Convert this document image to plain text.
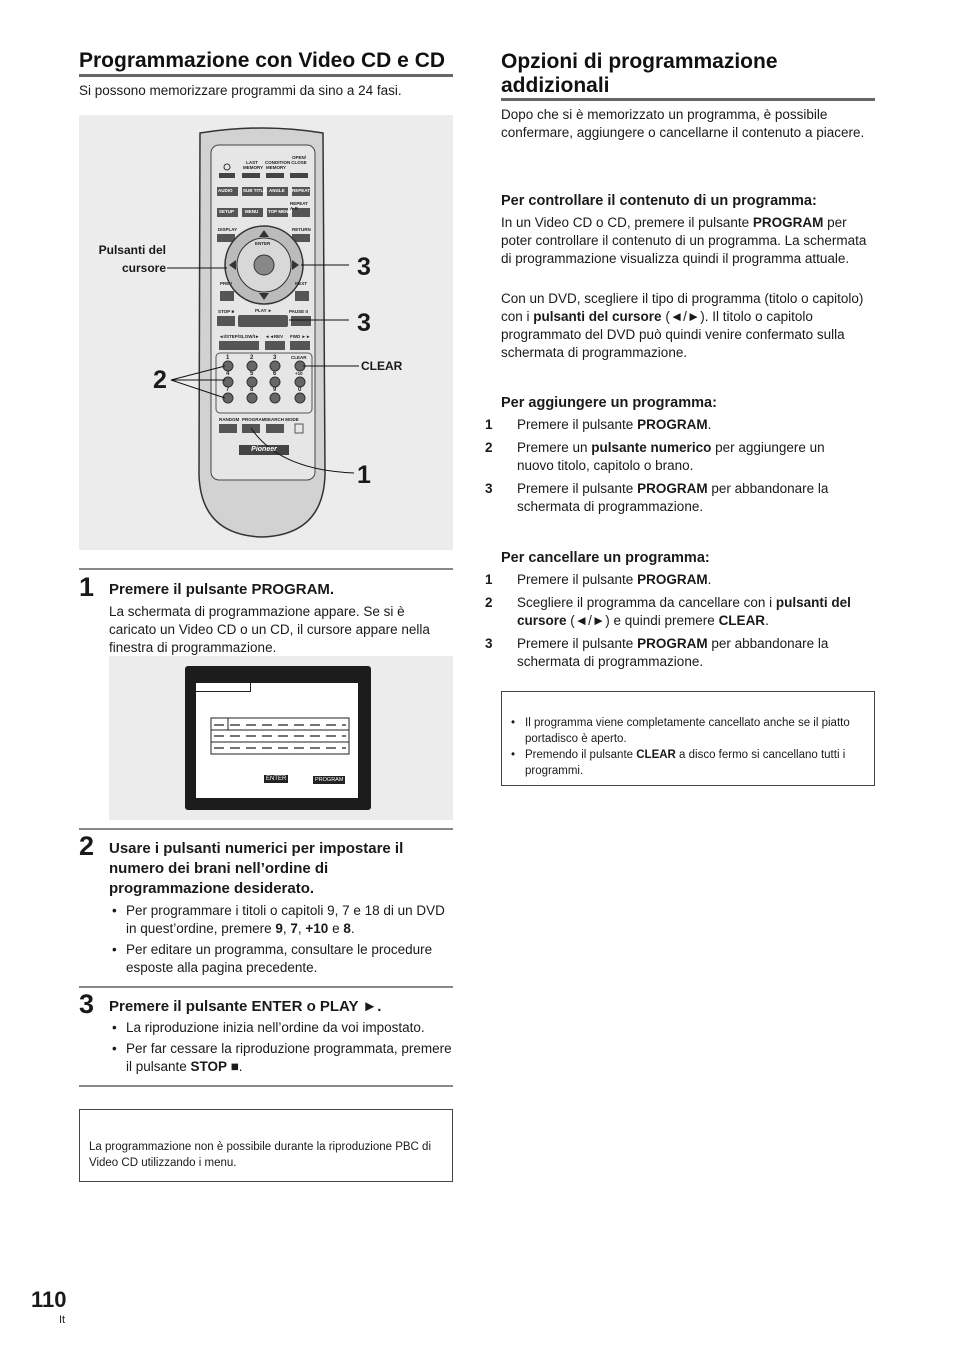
Programmazione con Video CD e CD

Si possono memorizzare programmi da sino a 24 fasi.

LAST MEMORY
CONDITION MEMORY
OPEN/ CLOSE
AUDIO SUB TITLE ANGLE REPEAT
REPEAT A-B
SETUP MENU TOP MENU
DISPLAY	RETURN
ENTER
PREV	NEXT
STOP ■	PLAY ►	PAUSE II
◄I/STEP/SLOW/I► ◄◄REV FWD ►►
1	2	3	CLEAR
4	5	6	+10
7	8	9	0
RANDOM PROGRAM SEARCH MODE
Pioneer
Pulsanti del cursore
CLEAR
3
3
2
1
1 Premere il pulsante PROGRAM.

La schermata di programmazione appare. Se si è caricato un Video CD o un CD, il cursore appare nella finestra di programmazione.

ENTER	PROGRAM
2 Usare i pulsanti numerici per impostare il numero dei brani nell’ordine di programmazione desiderato.

• Per programmare i titoli o capitoli 9, 7 e 18 di un DVD in quest’ordine, premere 9, 7, +10 e 8.
• Per editare un programma, consultare le procedure esposte alla pagina precedente.
3 Premere il pulsante ENTER o PLAY ►.

• La riproduzione inizia nell’ordine da voi impostato.
• Per far cessare la riproduzione programmata, premere il pulsante STOP ■.

La programmazione non è possibile durante la riproduzione PBC di Video CD utilizzando i menu.

Opzioni di programmazione
addizionali

Dopo che si è memorizzato un programma, è possibile confermare, aggiungere o cancellarne il contenuto a piacere.

Per controllare il contenuto di un programma:

In un Video CD o CD, premere il pulsante PROGRAM per poter controllare il contenuto di un programma. La schermata di programmazione visualizza quindi il programma attuale.

Con un DVD, scegliere il tipo di programma (titolo o capitolo) con i pulsanti del cursore (◄/►). Il titolo o capitolo programmato del DVD può quindi venire confermato sulla schermata di programmazione.

Per aggiungere un programma:

1 Premere il pulsante PROGRAM.
2 Premere un pulsante numerico per aggiungere un nuovo titolo, capitolo o brano.
3 Premere il pulsante PROGRAM per abbandonare la schermata di programmazione.

Per cancellare un programma:

1 Premere il pulsante PROGRAM.
2 Scegliere il programma da cancellare con i pulsanti del cursore (◄/►) e quindi premere CLEAR.
3 Premere il pulsante PROGRAM per abbandonare la schermata di programmazione.
• Il programma viene completamente cancellato anche se il piatto portadisco è aperto.
• Premendo il pulsante CLEAR a disco fermo si cancellano tutti i programmi.
110
It
